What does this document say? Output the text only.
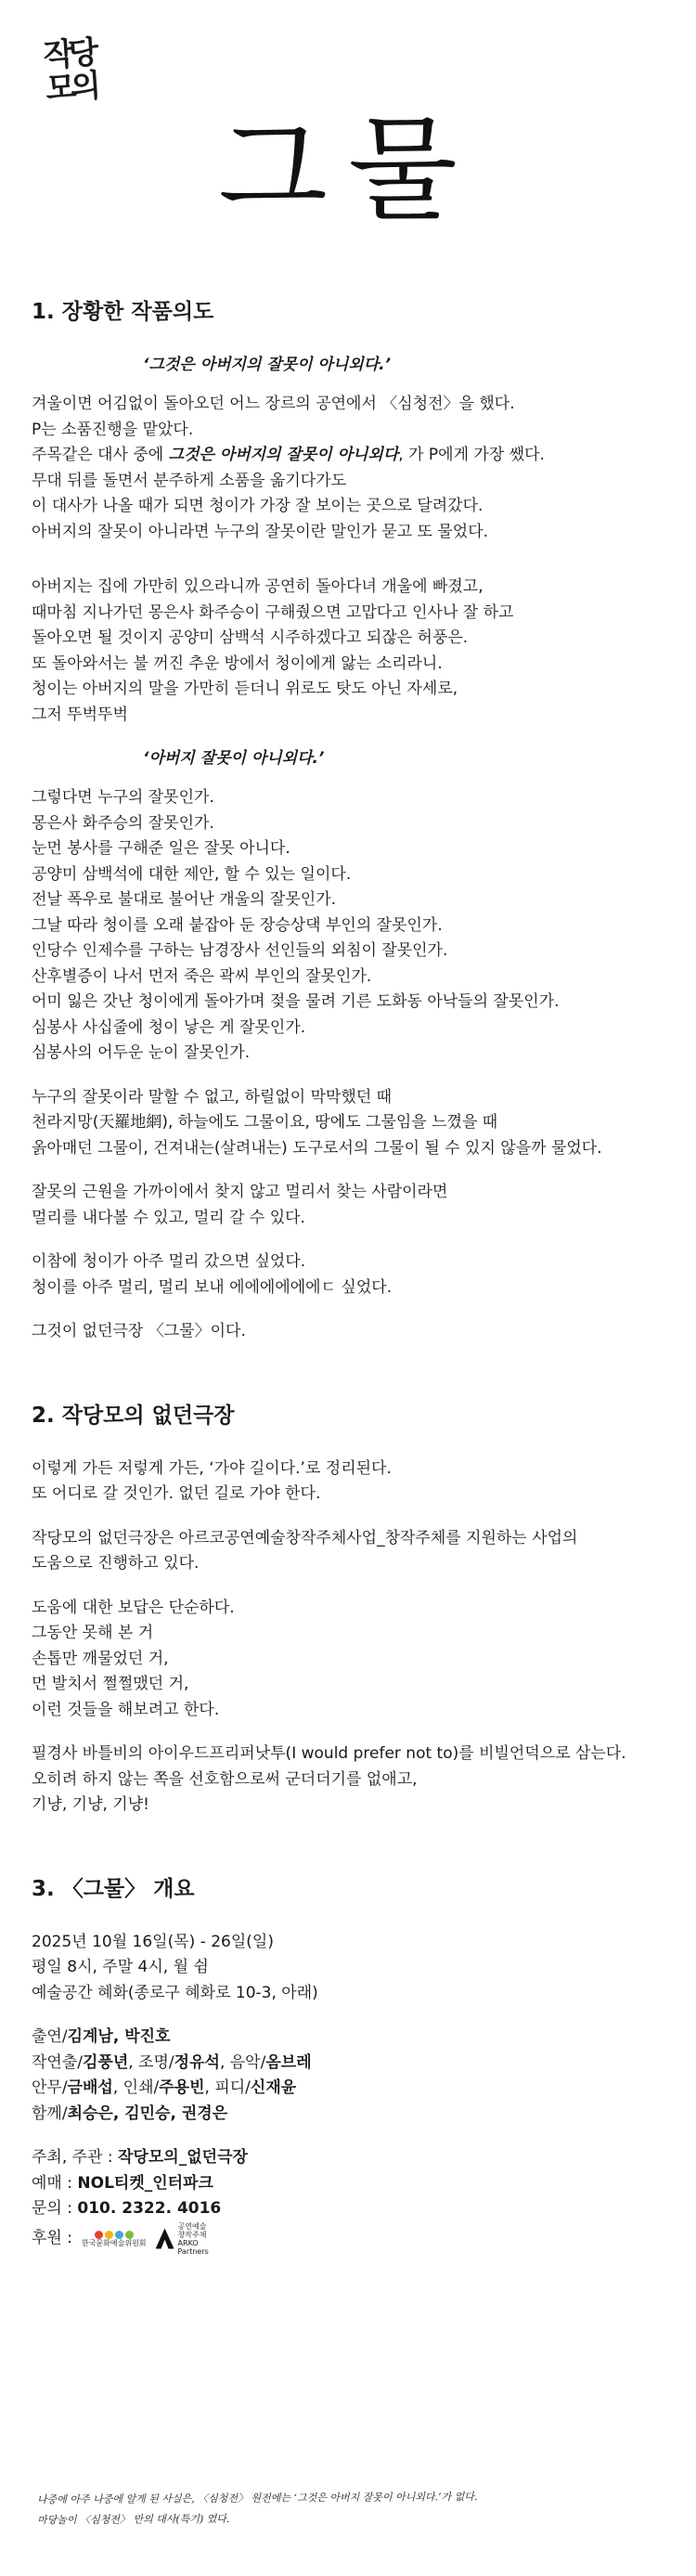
작당모의
그물
1. 장황한 작품의도
‘그것은 아버지의 잘못이 아니외다.’
겨울이면 어김없이 돌아오던 어느 장르의 공연에서 〈심청전〉을 했다.
P는 소품진행을 맡았다.
주목같은 대사 중에 그것은 아버지의 잘못이 아니외다, 가 P에게 가장 쌨다.
무대 뒤를 돌면서 분주하게 소품을 옮기다가도
이 대사가 나올 때가 되면 청이가 가장 잘 보이는 곳으로 달려갔다.
아버지의 잘못이 아니라면 누구의 잘못이란 말인가 묻고 또 물었다.
아버지는 집에 가만히 있으라니까 공연히 돌아다녀 개울에 빠졌고,
때마침 지나가던 몽은사 화주승이 구해줬으면 고맙다고 인사나 잘 하고
돌아오면 될 것이지 공양미 삼백석 시주하겠다고 되잖은 허풍은.
또 돌아와서는 불 꺼진 추운 방에서 청이에게 앓는 소리라니.
청이는 아버지의 말을 가만히 듣더니 위로도 탓도 아닌 자세로,
그저 뚜벅뚜벅
‘아버지 잘못이 아니외다.’
그렇다면 누구의 잘못인가.
몽은사 화주승의 잘못인가.
눈먼 봉사를 구해준 일은 잘못 아니다.
공양미 삼백석에 대한 제안, 할 수 있는 일이다.
전날 폭우로 불대로 불어난 개울의 잘못인가.
그날 따라 청이를 오래 붙잡아 둔 장승상댁 부인의 잘못인가.
인당수 인제수를 구하는 남경장사 선인들의 외침이 잘못인가.
산후별증이 나서 먼저 죽은 곽씨 부인의 잘못인가.
어미 잃은 갓난 청이에게 돌아가며 젖을 물려 기른 도화동 아낙들의 잘못인가.
심봉사 사십줄에 청이 낳은 게 잘못인가.
심봉사의 어두운 눈이 잘못인가.
누구의 잘못이라 말할 수 없고, 하릴없이 막막했던 때
천라지망(天羅地網), 하늘에도 그물이요, 땅에도 그물임을 느꼈을 때
옭아매던 그물이, 건져내는(살려내는) 도구로서의 그물이 될 수 있지 않을까 물었다.
잘못의 근원을 가까이에서 찾지 않고 멀리서 찾는 사람이라면
멀리를 내다볼 수 있고, 멀리 갈 수 있다.
이참에 청이가 아주 멀리 갔으면 싶었다.
청이를 아주 멀리, 멀리 보내 에에에에에에ㄷ 싶었다.
그것이 없던극장 〈그물〉이다.
2. 작당모의 없던극장
이렇게 가든 저렇게 가든, ‘가야 길이다.’로 정리된다.
또 어디로 갈 것인가. 없던 길로 가야 한다.
작당모의 없던극장은 아르코공연예술창작주체사업_창작주체를 지원하는 사업의
도움으로 진행하고 있다.
도움에 대한 보답은 단순하다.
그동안 못해 본 거
손톱만 깨물었던 거,
먼 발치서 쩔쩔맸던 거,
이런 것들을 해보려고 한다.
필경사 바틀비의 아이우드프리퍼낫투(I would prefer not to)를 비빌언덕으로 삼는다.
오히려 하지 않는 쪽을 선호함으로써 군더더기를 없애고,
기냥, 기냥, 기냥!
3. 〈그물〉 개요
2025년 10월 16일(목) - 26일(일)
평일 8시, 주말 4시, 월 쉼
예술공간 혜화(종로구 혜화로 10-3, 아래)
출연/김계남, 박진호
작연출/김풍년, 조명/정유석, 음악/옴브레
안무/금배섭, 인쇄/주용빈, 피디/신재윤
함께/최승은, 김민승, 권경은
주최, 주관 : 작당모의_없던극장
예매 : NOL티켓_인터파크
문의 : 010. 2322. 4016
후원 : 한국문화예술위원회
공연예술
창작주체
ARKO
Partners
나중에 아주 나중에 알게 된 사실은, 〈심청전〉 원전에는 ‘그것은 아버지 잘못이 아니외다.’가 없다.
마당놀이 〈심청전〉 만의 대사(특기) 였다.
